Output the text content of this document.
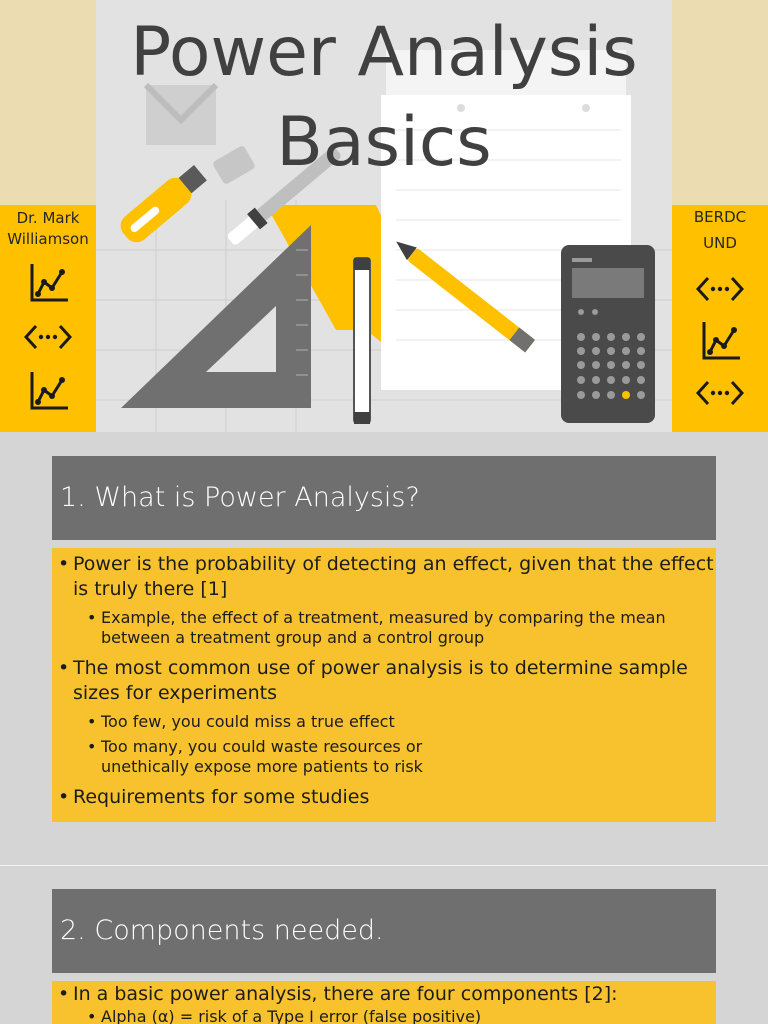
Power Analysis
Basics
Dr. Mark Williamson
BERDC
UND
1. What is Power Analysis?
• Power is the probability of detecting an effect, given that the effect is truly there [1]
• Example, the effect of a treatment, measured by comparing the mean between a treatment group and a control group
• The most common use of power analysis is to determine sample sizes for experiments
• Too few, you could miss a true effect
• Too many, you could waste resources or unethically expose more patients to risk
• Requirements for some studies
2. Components needed.
• In a basic power analysis, there are four components [2]:
• Alpha (α) = risk of a Type I error (false positive)
